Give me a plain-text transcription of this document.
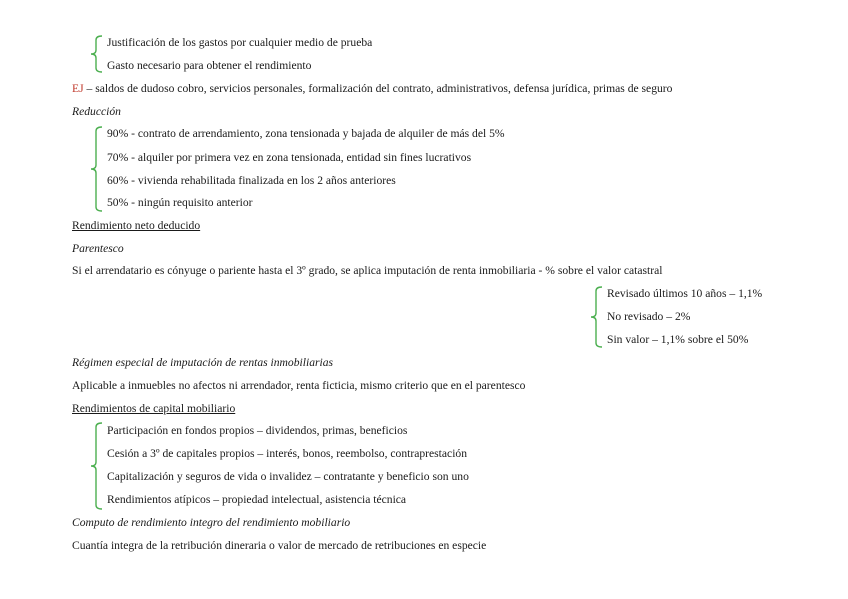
Justificación de los gastos por cualquier medio de prueba
Gasto necesario para obtener el rendimiento
EJ – saldos de dudoso cobro, servicios personales, formalización del contrato, administrativos, defensa jurídica, primas de seguro
Reducción
90% - contrato de arrendamiento, zona tensionada y bajada de alquiler de más del 5%
70% - alquiler por primera vez en zona tensionada, entidad sin fines lucrativos
60% - vivienda rehabilitada finalizada en los 2 años anteriores
50% - ningún requisito anterior
Rendimiento neto deducido
Parentesco
Si el arrendatario es cónyuge o pariente hasta el 3º grado, se aplica imputación de renta inmobiliaria - % sobre el valor catastral
Revisado últimos 10 años – 1,1%
No revisado – 2%
Sin valor – 1,1% sobre el 50%
Régimen especial de imputación de rentas inmobiliarias
Aplicable a inmuebles no afectos ni arrendador, renta ficticia, mismo criterio que en el parentesco
Rendimientos de capital mobiliario
Participación en fondos propios – dividendos, primas, beneficios
Cesión a 3º de capitales propios – interés, bonos, reembolso, contraprestación
Capitalización y seguros de vida o invalidez – contratante y beneficio son uno
Rendimientos atípicos – propiedad intelectual, asistencia técnica
Computo de rendimiento integro del rendimiento mobiliario
Cuantía integra de la retribución dineraria o valor de mercado de retribuciones en especie
